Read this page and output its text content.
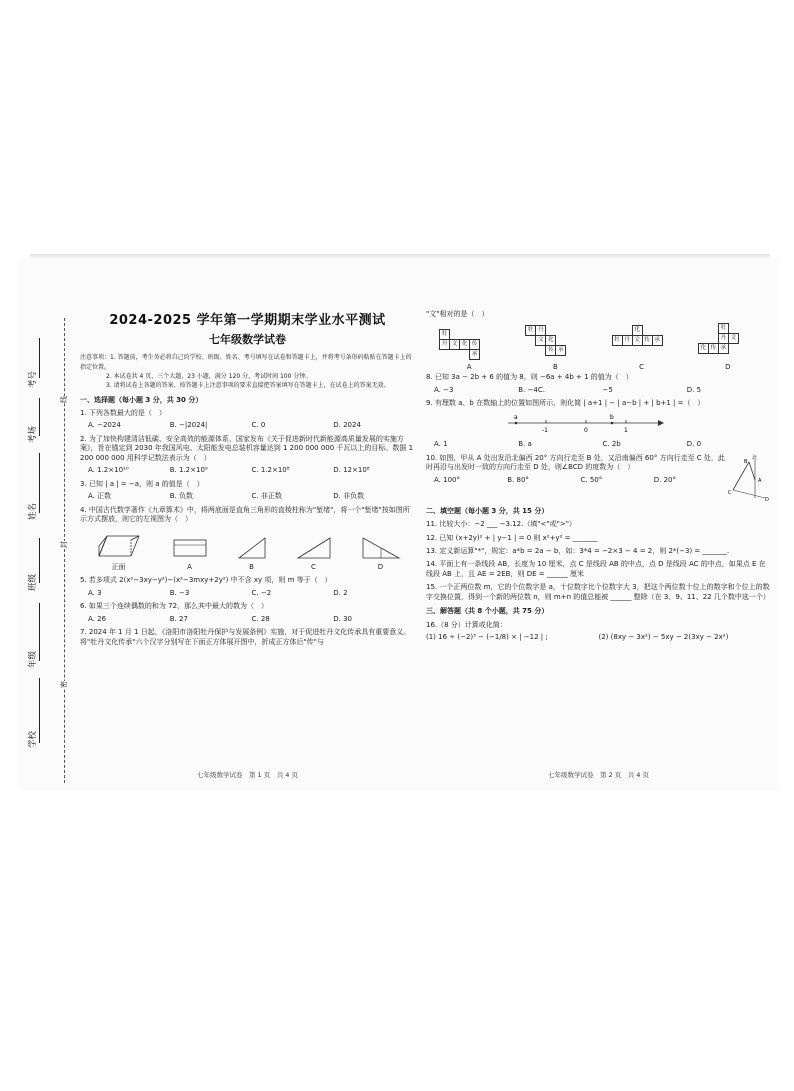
考号
考场
姓名
班级
年级
学校
线
封
密
2024-2025 学年第一学期期末学业水平测试
七年级数学试卷
注意事项：1. 答题前，考生务必将自己的学校、班级、姓名、考号填写在试卷和答题卡上，并将考号条形码粘贴在答题卡上的指定位置。
2. 本试卷共 4 页，三个大题，23 小题，满分 120 分，考试时间 100 分钟。
3. 请将试卷上各题的答案，按答题卡上注意事项的要求直接把答案填写在答题卡上，在试卷上的答案无效。
一、选择题（每小题 3 分，共 30 分）
1. 下列各数最大的是（　）
A. −2024	B. −|2024|	C. 0	D. 2024
2. 为了加快构建清洁低碳、安全高效的能源体系，国家发布《关于促进新时代新能源高质量发展的实施方案》，旨在锚定到 2030 年我国风电、太阳能发电总装机容量达到 1 200 000 000 千瓦以上的目标。数据 1 200 000 000 用科学记数法表示为（　）
A. 1.2×10¹⁰	B. 1.2×10⁹	C. 1.2×10⁸	D. 12×10⁸
3. 已知 | a | = −a，则 a 的值是（　）
A. 正数	B. 负数	C. 非正数	D. 非负数
4. 中国古代数学著作《九章算术》中，将两底面是直角三角形的直棱柱称为"堑堵"，将一个"堑堵"按如图所示方式摆放，则它的左视图为（　）
正面	A	B	C	D
5. 若多项式 2(x²−3xy−y²)−(x²−3mxy+2y²) 中不含 xy 项，则 m 等于（　）
A. 3	B. −3	C. −2	D. 2
6. 如果三个连续偶数的和为 72，那么其中最大的数为（　）
A. 26	B. 27	C. 28	D. 30
7. 2024 年 1 月 1 日起，《洛阳市洛阳牡丹保护与发展条例》实施，对于促进牡丹文化传承具有重要意义。将"牡丹文化传承"六个汉字分别写在下面正方体展开图中，折成正方体后"传"与
七年级数学试卷　第 1 页　共 4 页
"文"相对的是（　）
牡
丹 文 化 传
承
A
牡 丹
文 化
传 承
B
牡 丹 文
化
传 承
C
牡
丹 文
化 传 承
D
8. 已知 3a − 2b + 6 的值为 8，则 −6a + 4b + 1 的值为（　）
A. −3	B. −4C.	−5	D. 5
9. 有理数 a、b 在数轴上的位置如图所示，则化简 | a+1 | − | a−b | + | b+1 | =（　）
a
-1	0
b
1
A. 1	B. a	C. 2b	D. 0
10. 如图，甲从 A 处出发沿北偏西 20° 方向行走至 B 处，又沿南偏西 60° 方向行走至 C 处，此时再沿与出发时一致的方向行走至 D 处，则∠BCD 的度数为（　）
A. 100°	B. 80°	C. 50°	D. 20°
北
B
A
C
D
二、填空题（每小题 3 分，共 15 分）
11. 比较大小：−2 ___ −3.12.（填"<"或">"）
12. 已知 (x+2y)² + | y−1 | = 0 则 x²+y² = _______
13. 定义新运算"*"，规定：a*b = 2a − b，如：3*4 = −2×3 − 4 = 2，则 2*(−3) = _______.
14. 平面上有一条线段 AB，长度为 10 厘米，点 C 是线段 AB 的中点，点 D 是线段 AC 的中点，如果点 E 在线段 AB 上，且 AE = 2EB，则 DE = ______ 厘米
15. 一个正两位数 m，它的个位数字是 a，十位数字比个位数字大 3，把这个两位数十位上的数字和个位上的数字交换位置，得到一个新的两位数 n，则 m+n 的值总能被 ______ 整除（在 3、9、11、22 几个数中选一个）
三、解答题（共 8 个小题，共 75 分）
16.（8 分）计算或化简：
(1) 16 ÷ (−2)³ − (−1/8) × | −12 | ;	(2) (8xy − 3x²) − 5xy − 2(3xy − 2x²)
七年级数学试卷　第 2 页　共 4 页
